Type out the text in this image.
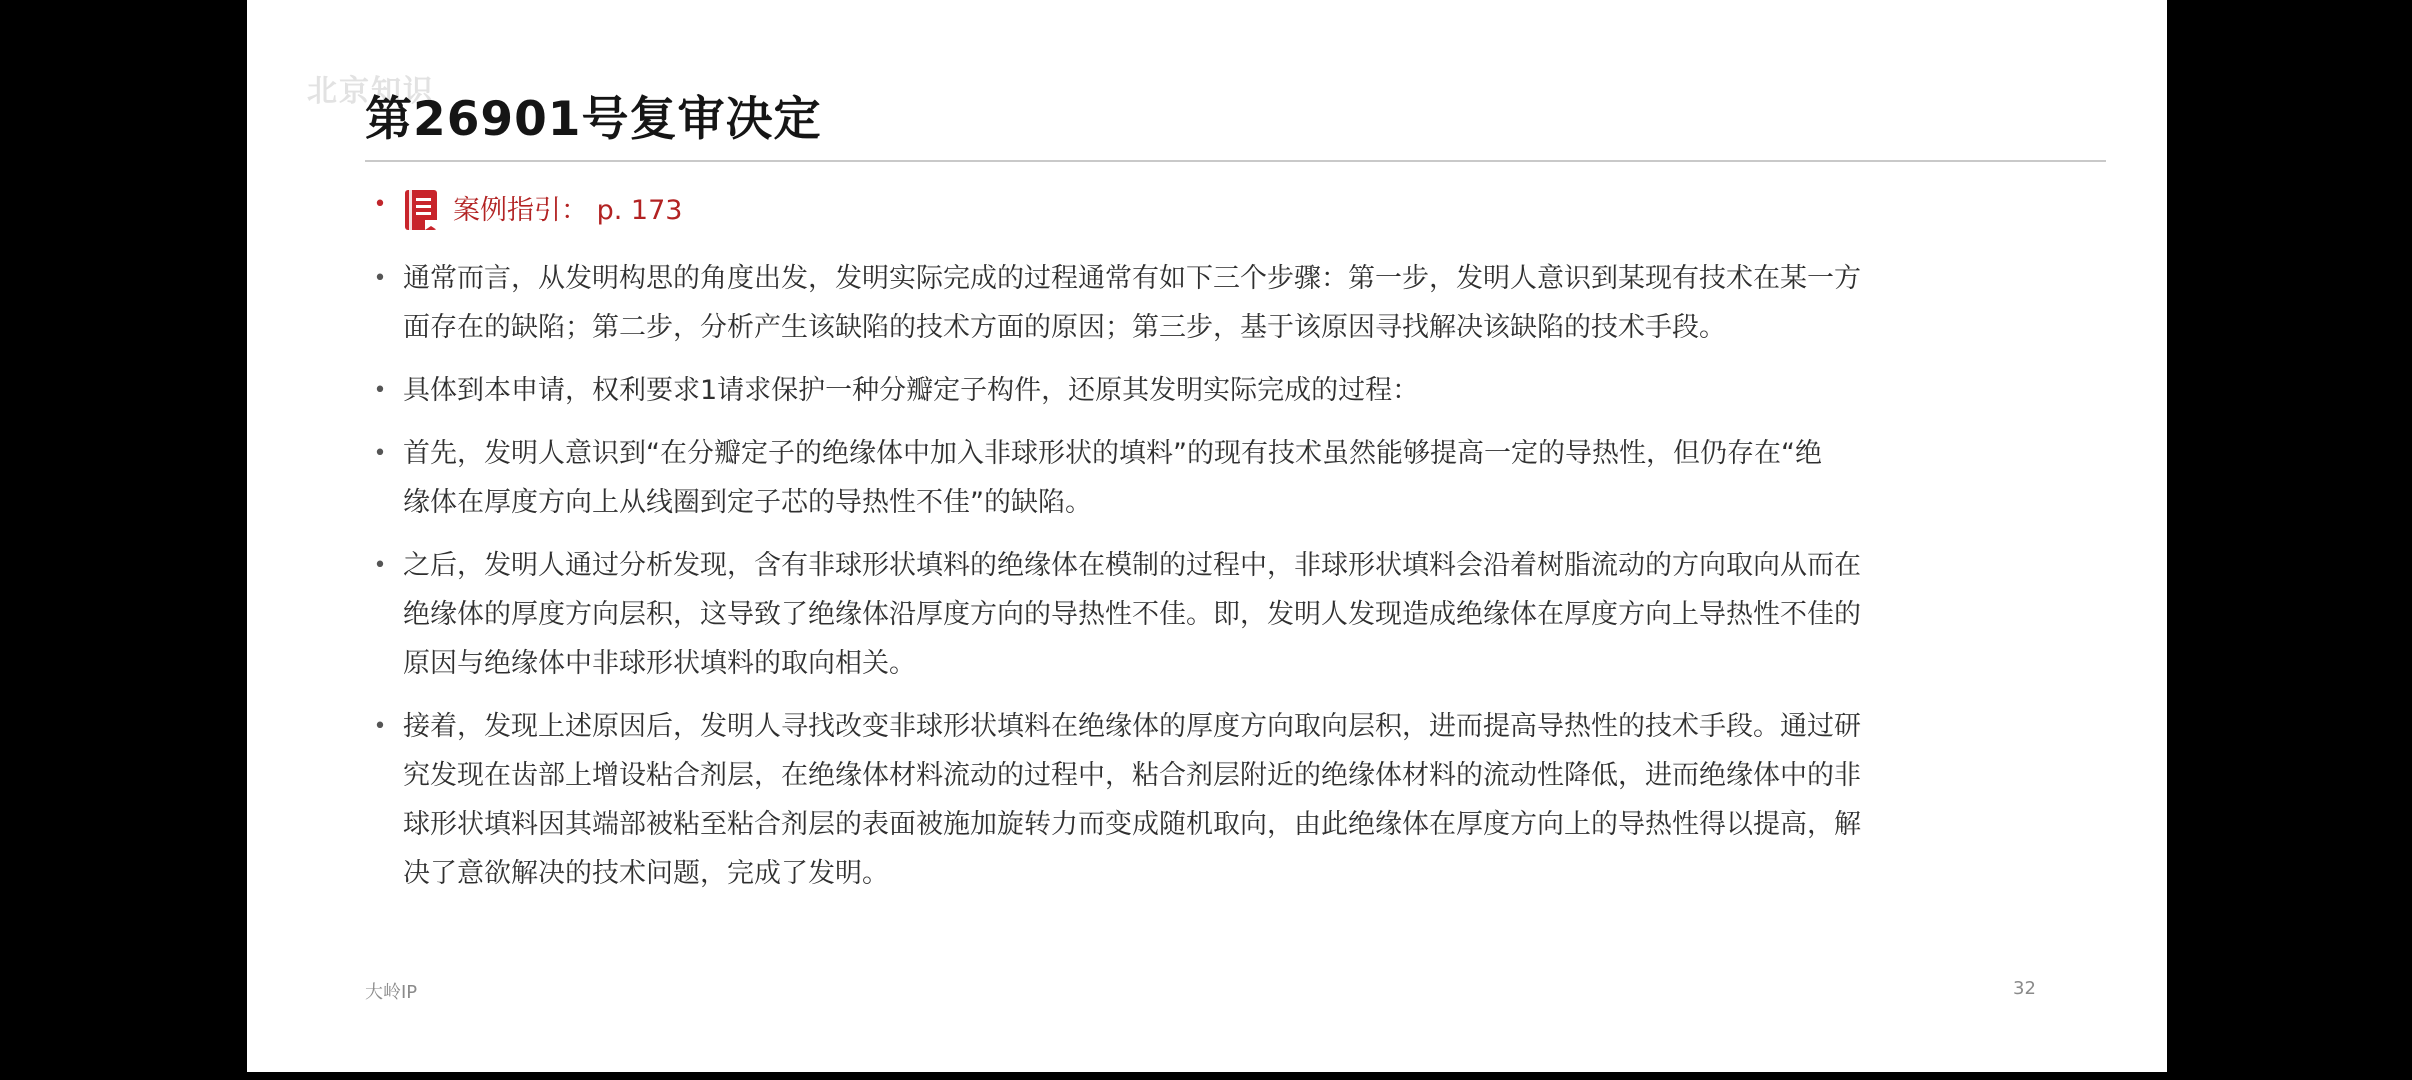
北京知识
第26901号复审决定
• 案例指引： p. 173
• 通常而言，从发明构思的角度出发，发明实际完成的过程通常有如下三个步骤：第一步，发明人意识到某现有技术在某一方
面存在的缺陷；第二步，分析产生该缺陷的技术方面的原因；第三步，基于该原因寻找解决该缺陷的技术手段。
• 具体到本申请，权利要求1请求保护一种分瓣定子构件，还原其发明实际完成的过程：
• 首先，发明人意识到“在分瓣定子的绝缘体中加入非球形状的填料”的现有技术虽然能够提高一定的导热性，但仍存在“绝
缘体在厚度方向上从线圈到定子芯的导热性不佳”的缺陷。
• 之后，发明人通过分析发现，含有非球形状填料的绝缘体在模制的过程中，非球形状填料会沿着树脂流动的方向取向从而在
绝缘体的厚度方向层积，这导致了绝缘体沿厚度方向的导热性不佳。即，发明人发现造成绝缘体在厚度方向上导热性不佳的
原因与绝缘体中非球形状填料的取向相关。
• 接着，发现上述原因后，发明人寻找改变非球形状填料在绝缘体的厚度方向取向层积，进而提高导热性的技术手段。通过研
究发现在齿部上增设粘合剂层，在绝缘体材料流动的过程中，粘合剂层附近的绝缘体材料的流动性降低，进而绝缘体中的非
球形状填料因其端部被粘至粘合剂层的表面被施加旋转力而变成随机取向，由此绝缘体在厚度方向上的导热性得以提高，解
决了意欲解决的技术问题，完成了发明。
大岭IP	32
